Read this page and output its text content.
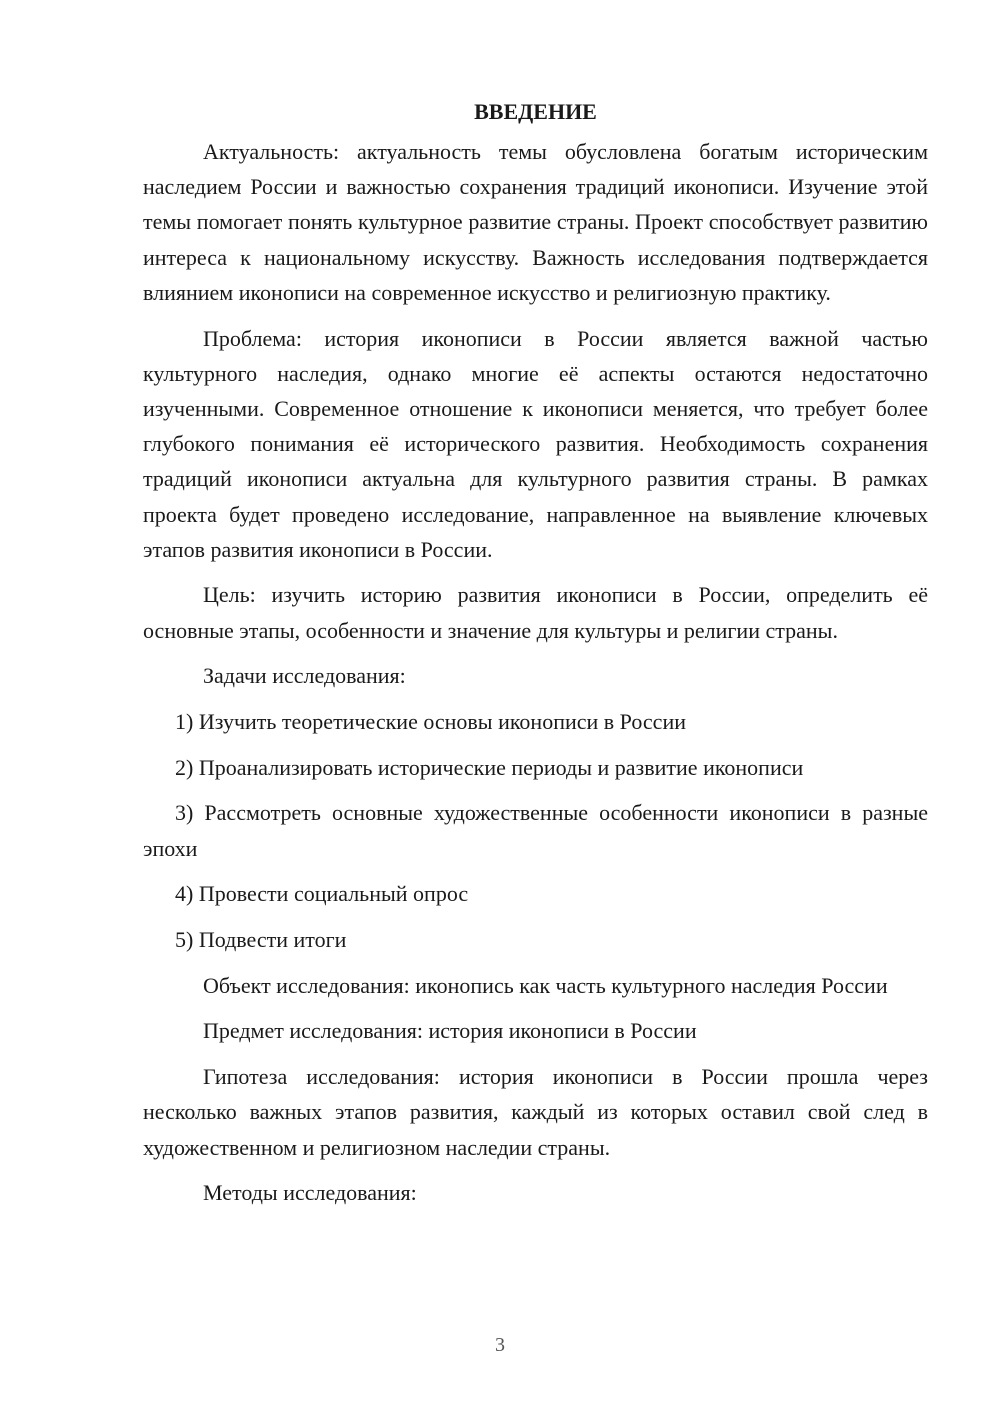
ВВЕДЕНИЕ

Актуальность: актуальность темы обусловлена богатым историческим наследием России и важностью сохранения традиций иконописи. Изучение этой темы помогает понять культурное развитие страны. Проект способствует развитию интереса к национальному искусству. Важность исследования подтверждается влиянием иконописи на современное искусство и религиозную практику.

Проблема: история иконописи в России является важной частью культурного наследия, однако многие её аспекты остаются недостаточно изученными. Современное отношение к иконописи меняется, что требует более глубокого понимания её исторического развития. Необходимость сохранения традиций иконописи актуальна для культурного развития страны. В рамках проекта будет проведено исследование, направленное на выявление ключевых этапов развития иконописи в России.

Цель: изучить историю развития иконописи в России, определить её основные этапы, особенности и значение для культуры и религии страны.

Задачи исследования:

1) Изучить теоретические основы иконописи в России

2) Проанализировать исторические периоды и развитие иконописи

3) Рассмотреть основные художественные особенности иконописи в разные эпохи

4) Провести социальный опрос

5) Подвести итоги

Объект исследования: иконопись как часть культурного наследия России

Предмет исследования: история иконописи в России

Гипотеза исследования: история иконописи в России прошла через несколько важных этапов развития, каждый из которых оставил свой след в художественном и религиозном наследии страны.

Методы исследования:

3
